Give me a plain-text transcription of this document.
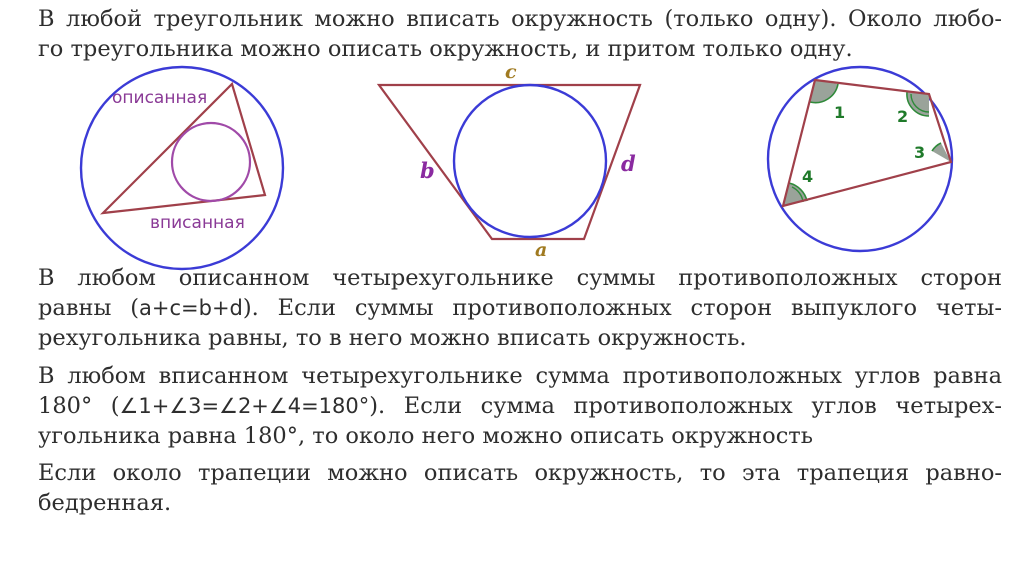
В любой треугольник можно вписать окружность (только одну). Около любо-
го треугольника можно описать окружность, и притом только одну.
описанная
вписанная
c
a
b	d
1	2
3
4
В любом описанном четырехугольнике суммы противоположных сторон
равны (a+c=b+d). Если суммы противоположных сторон выпуклого четы-
рехугольника равны, то в него можно вписать окружность.
В любом вписанном четырехугольнике сумма противоположных углов равна
180° (∠1+∠3=∠2+∠4=180°). Если сумма противоположных углов четырех-
угольника равна 180°, то около него можно описать окружность
Если около трапеции можно описать окружность, то эта трапеция равно-
бедренная.
